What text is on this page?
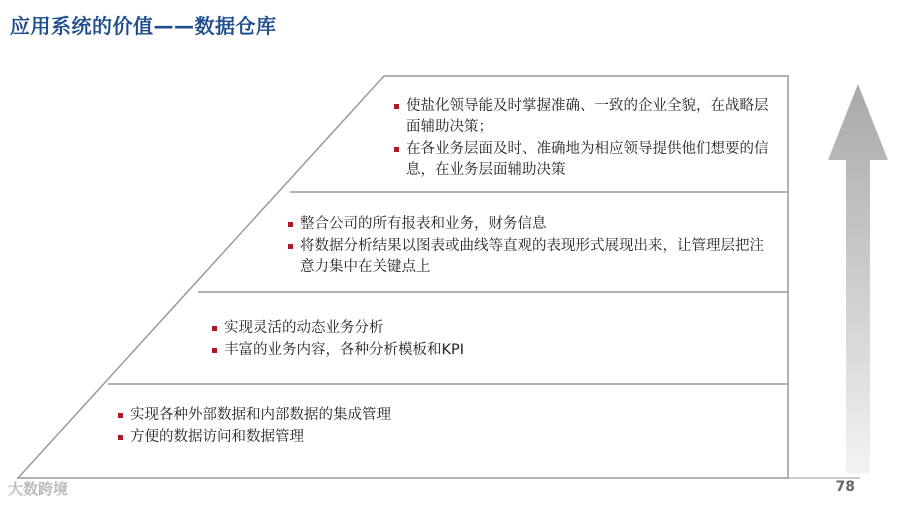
应用系统的价值——数据仓库
使盐化领导能及时掌握准确、一致的企业全貌，在战略层面辅助决策；
在各业务层面及时、准确地为相应领导提供他们想要的信息，在业务层面辅助决策
整合公司的所有报表和业务，财务信息
将数据分析结果以图表或曲线等直观的表现形式展现出来，让管理层把注意力集中在关键点上
实现灵活的动态业务分析
丰富的业务内容，各种分析模板和KPI
实现各种外部数据和内部数据的集成管理
方便的数据访问和数据管理
大数跨境	78
